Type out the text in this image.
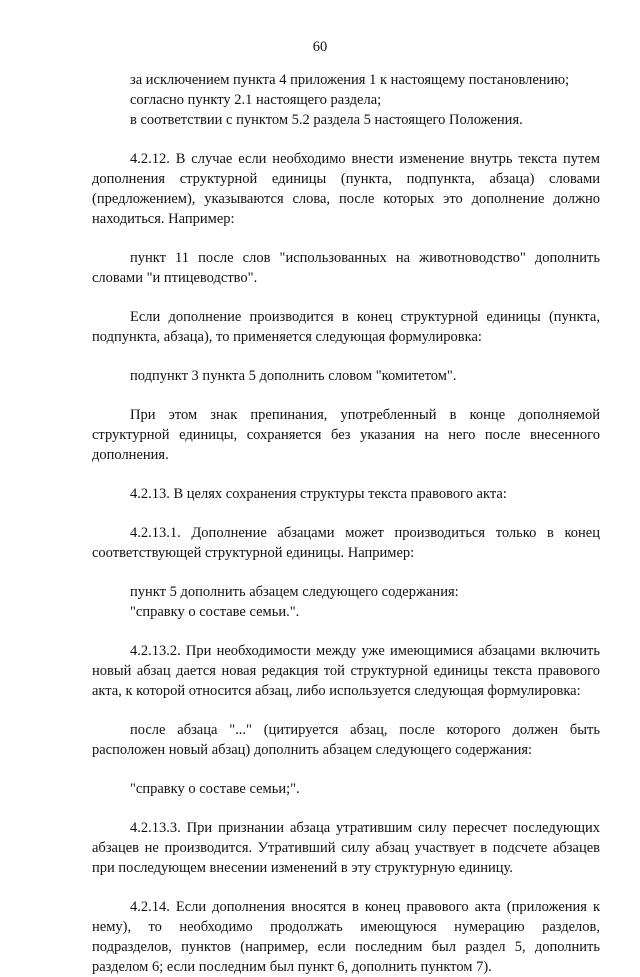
60

за исключением пункта 4 приложения 1 к настоящему постановлению;

согласно пункту 2.1 настоящего раздела;

в соответствии с пунктом 5.2 раздела 5 настоящего Положения.

4.2.12. В случае если необходимо внести изменение внутрь текста путем дополнения структурной единицы (пункта, подпункта, абзаца) словами (предложением), указываются слова, после которых это дополнение должно находиться. Например:

пункт 11 после слов "использованных на животноводство" дополнить словами "и птицеводство".

Если дополнение производится в конец структурной единицы (пункта, подпункта, абзаца), то применяется следующая формулировка:

подпункт 3 пункта 5 дополнить словом "комитетом".

При этом знак препинания, употребленный в конце дополняемой структурной единицы, сохраняется без указания на него после внесенного дополнения.

4.2.13. В целях сохранения структуры текста правового акта:

4.2.13.1. Дополнение абзацами может производиться только в конец соответствующей структурной единицы. Например:

пункт 5 дополнить абзацем следующего содержания:

"справку о составе семьи.".

4.2.13.2. При необходимости между уже имеющимися абзацами включить новый абзац дается новая редакция той структурной единицы текста правового акта, к которой относится абзац, либо используется следующая формулировка:

после абзаца "..." (цитируется абзац, после которого должен быть расположен новый абзац) дополнить абзацем следующего содержания:

"справку о составе семьи;".

4.2.13.3. При признании абзаца утратившим силу пересчет последующих абзацев не производится. Утративший силу абзац участвует в подсчете абзацев при последующем внесении изменений в эту структурную единицу.

4.2.14. Если дополнения вносятся в конец правового акта (приложения к нему), то необходимо продолжать имеющуюся нумерацию разделов, подразделов, пунктов (например, если последним был раздел 5, дополнить разделом 6; если последним был пункт 6, дополнить пунктом 7).
